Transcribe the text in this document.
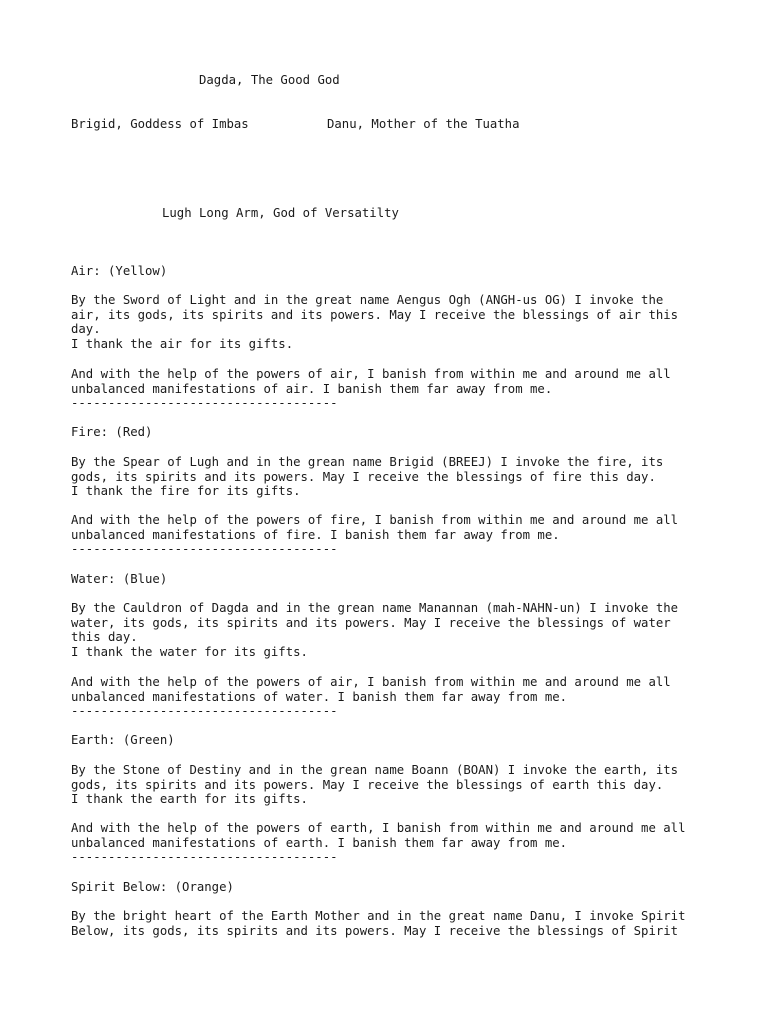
Dagda, The Good God
Brigid, Goddess of Imbas	Danu, Mother of the Tuatha
Lugh Long Arm, God of Versatilty
Air: (Yellow)
By the Sword of Light and in the great name Aengus Ogh (ANGH-us OG) I invoke the
air, its gods, its spirits and its powers. May I receive the blessings of air this
day.
I thank the air for its gifts.
And with the help of the powers of air, I banish from within me and around me all
unbalanced manifestations of air. I banish them far away from me.
------------------------------------
Fire: (Red)
By the Spear of Lugh and in the grean name Brigid (BREEJ) I invoke the fire, its
gods, its spirits and its powers. May I receive the blessings of fire this day.
I thank the fire for its gifts.
And with the help of the powers of fire, I banish from within me and around me all
unbalanced manifestations of fire. I banish them far away from me.
------------------------------------
Water: (Blue)
By the Cauldron of Dagda and in the grean name Manannan (mah-NAHN-un) I invoke the
water, its gods, its spirits and its powers. May I receive the blessings of water
this day.
I thank the water for its gifts.
And with the help of the powers of air, I banish from within me and around me all
unbalanced manifestations of water. I banish them far away from me.
------------------------------------
Earth: (Green)
By the Stone of Destiny and in the grean name Boann (BOAN) I invoke the earth, its
gods, its spirits and its powers. May I receive the blessings of earth this day.
I thank the earth for its gifts.
And with the help of the powers of earth, I banish from within me and around me all
unbalanced manifestations of earth. I banish them far away from me.
------------------------------------
Spirit Below: (Orange)
By the bright heart of the Earth Mother and in the great name Danu, I invoke Spirit
Below, its gods, its spirits and its powers. May I receive the blessings of Spirit
